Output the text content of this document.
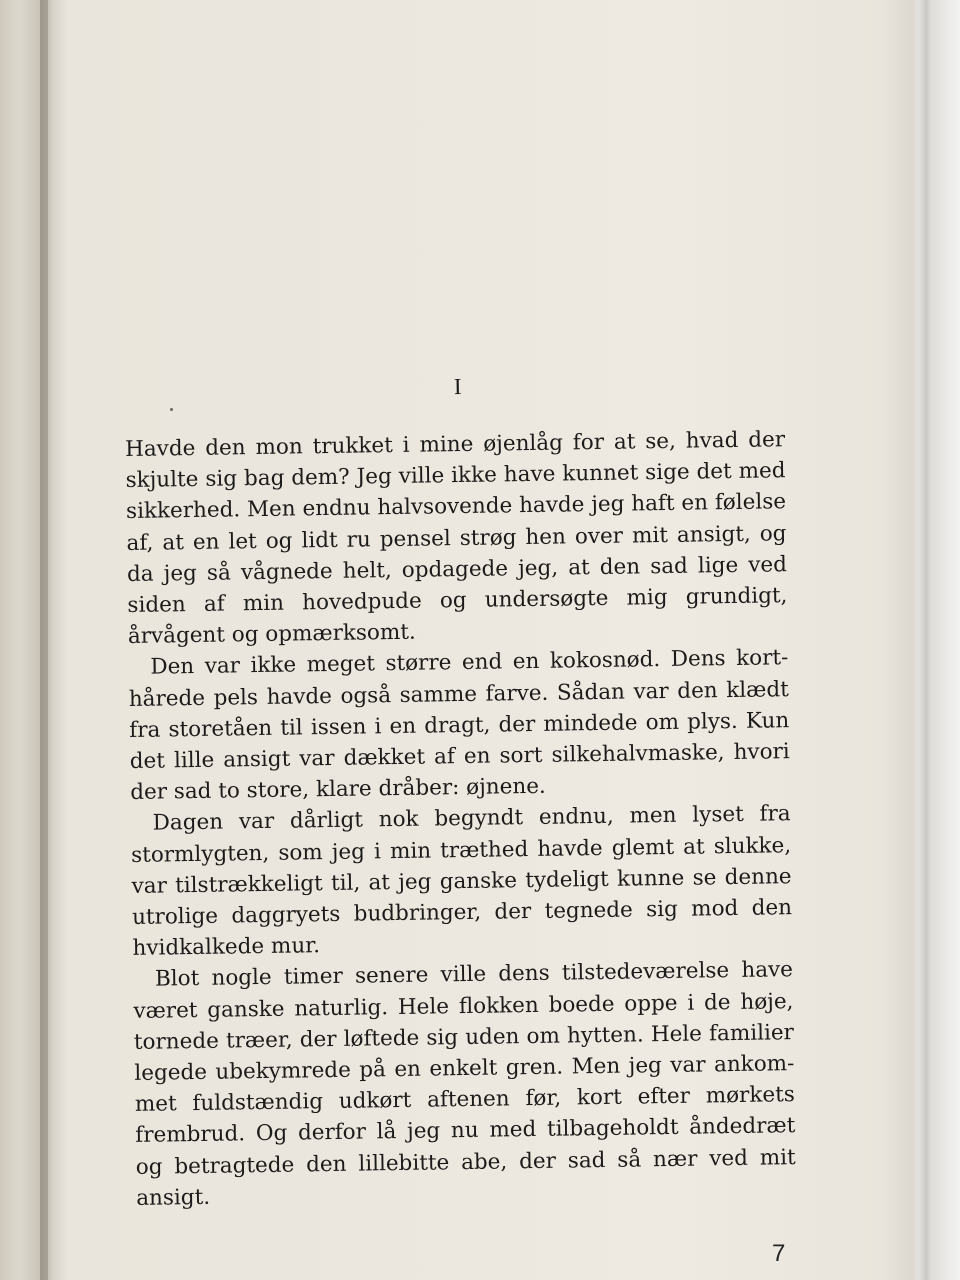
I

Havde den mon trukket i mine øjenlåg for at se, hvad der skjulte sig bag dem? Jeg ville ikke have kunnet sige det med sikkerhed. Men endnu halvsovende havde jeg haft en følelse af, at en let og lidt ru pensel strøg hen over mit ansigt, og da jeg så vågnede helt, opdagede jeg, at den sad lige ved siden af min hovedpude og undersøgte mig grundigt, årvågent og opmærksomt.

Den var ikke meget større end en kokosnød. Dens korthårede pels havde også samme farve. Sådan var den klædt fra storetåen til issen i en dragt, der mindede om plys. Kun det lille ansigt var dækket af en sort silkehalvmaske, hvori der sad to store, klare dråber: øjnene.

Dagen var dårligt nok begyndt endnu, men lyset fra stormlygten, som jeg i min træthed havde glemt at slukke, var tilstrækkeligt til, at jeg ganske tydeligt kunne se denne utrolige daggryets budbringer, der tegnede sig mod den hvidkalkede mur.

Blot nogle timer senere ville dens tilstedeværelse have været ganske naturlig. Hele flokken boede oppe i de høje, tornede træer, der løftede sig uden om hytten. Hele familier legede ubekymrede på en enkelt gren. Men jeg var ankommet fuldstændig udkørt aftenen før, kort efter mørkets frembrud. Og derfor lå jeg nu med tilbageholdt åndedræt og betragtede den lillebitte abe, der sad så nær ved mit ansigt.

7
